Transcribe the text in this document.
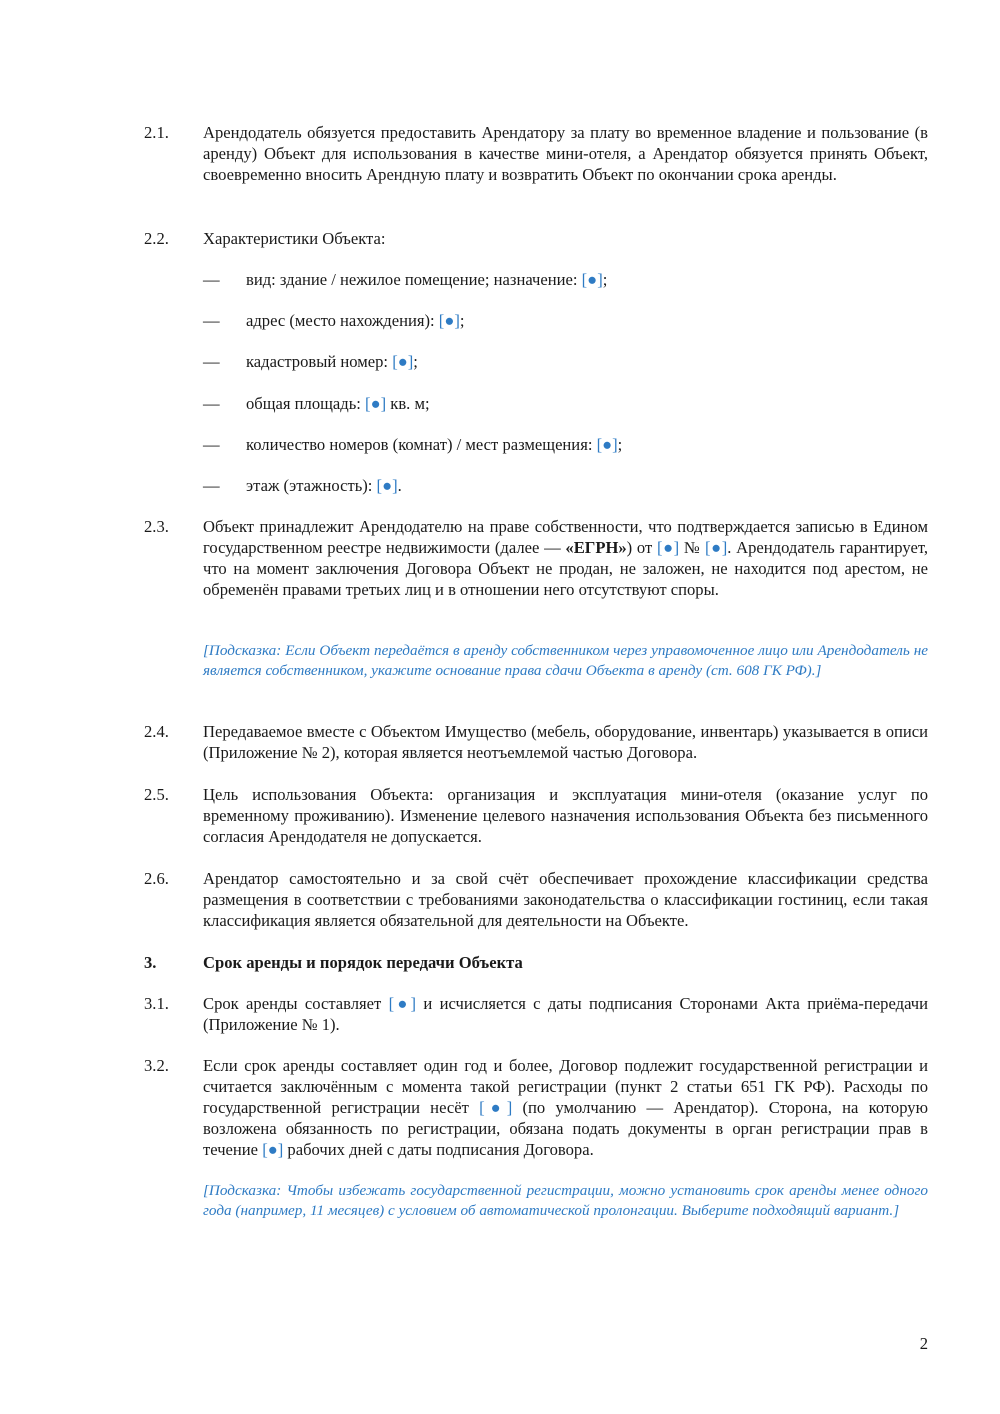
2.1. Арендодатель обязуется предоставить Арендатору за плату во временное владение и пользование (в аренду) Объект для использования в качестве мини-отеля, а Арендатор обязуется принять Объект, своевременно вносить Арендную плату и возвратить Объект по окончании срока аренды.
2.2. Характеристики Объекта:
— вид: здание / нежилое помещение; назначение: [●];
— адрес (место нахождения): [●];
— кадастровый номер: [●];
— общая площадь: [●] кв. м;
— количество номеров (комнат) / мест размещения: [●];
— этаж (этажность): [●].
2.3. Объект принадлежит Арендодателю на праве собственности, что подтверждается записью в Едином государственном реестре недвижимости (далее — «ЕГРН») от [●] № [●]. Арендодатель гарантирует, что на момент заключения Договора Объект не продан, не заложен, не находится под арестом, не обременён правами третьих лиц и в отношении него отсутствуют споры.
[Подсказка: Если Объект передаётся в аренду собственником через управомоченное лицо или Арендодатель не является собственником, укажите основание права сдачи Объекта в аренду (ст. 608 ГК РФ).]
2.4. Передаваемое вместе с Объектом Имущество (мебель, оборудование, инвентарь) указывается в описи (Приложение № 2), которая является неотъемлемой частью Договора.
2.5. Цель использования Объекта: организация и эксплуатация мини-отеля (оказание услуг по временному проживанию). Изменение целевого назначения использования Объекта без письменного согласия Арендодателя не допускается.
2.6. Арендатор самостоятельно и за свой счёт обеспечивает прохождение классификации средства размещения в соответствии с требованиями законодательства о классификации гостиниц, если такая классификация является обязательной для деятельности на Объекте.
3.	Срок аренды и порядок передачи Объекта
3.1. Срок аренды составляет [●] и исчисляется с даты подписания Сторонами Акта приёма-передачи (Приложение № 1).
3.2. Если срок аренды составляет один год и более, Договор подлежит государственной регистрации и считается заключённым с момента такой регистрации (пункт 2 статьи 651 ГК РФ). Расходы по государственной регистрации несёт [●] (по умолчанию — Арендатор). Сторона, на которую возложена обязанность по регистрации, обязана подать документы в орган регистрации прав в течение [●] рабочих дней с даты подписания Договора.
[Подсказка: Чтобы избежать государственной регистрации, можно установить срок аренды менее одного года (например, 11 месяцев) с условием об автоматической пролонгации. Выберите подходящий вариант.]
2
